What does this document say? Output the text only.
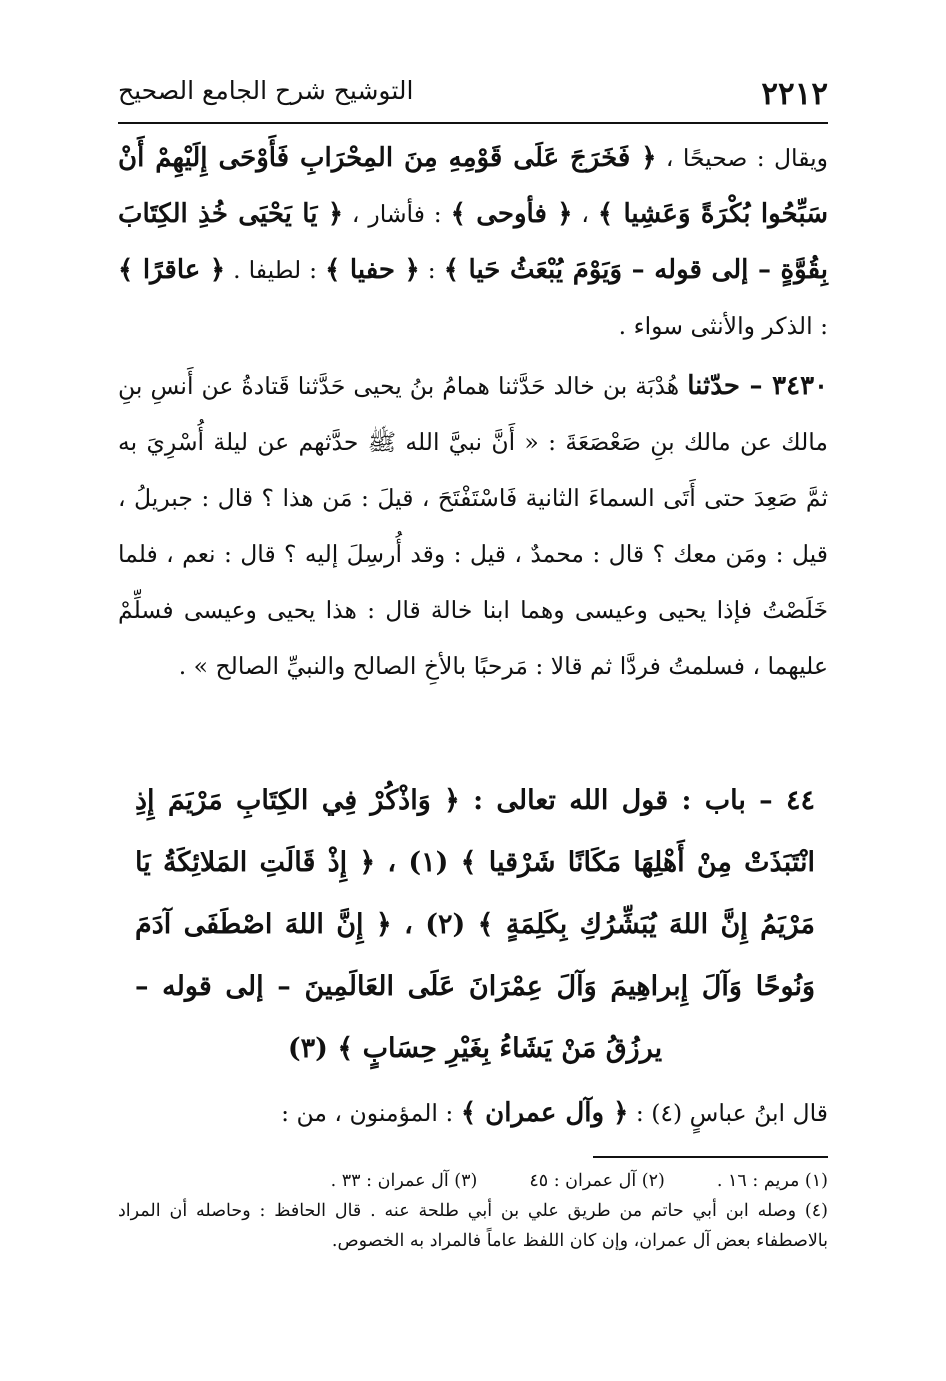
٢٢١٢
التوشيح شرح الجامع الصحيح

ويقال : صحيحًا ، ﴿ فَخَرَجَ عَلَى قَوْمِهِ مِنَ المِحْرَابِ فَأَوْحَى إِلَيْهِمْ أَنْ سَبِّحُوا بُكْرَةً وَعَشِيا ﴾ ، ﴿ فأوحى ﴾ : فأشار ، ﴿ يَا يَحْيَى خُذِ الكِتَابَ بِقُوَّةٍ – إلى قوله – وَيَوْمَ يُبْعَثُ حَيا ﴾ : ﴿ حفيا ﴾ : لطيفا . ﴿ عاقرًا ﴾ : الذكر والأنثى سواء .

٣٤٣٠ – حدّثنا هُدْبَة بن خالد حَدَّثنا همامُ بنُ يحيى حَدَّثنا قَتادةُ عن أَنسِ بنِ مالك عن مالك بنِ صَعْصَعَةَ : « أَنَّ نبيَّ الله ﷺ حدَّثهم عن ليلة أُسْرِيَ به ثمَّ صَعِدَ حتى أَتَى السماءَ الثانية فَاسْتَفْتَحَ ، قيلَ : مَن هذا ؟ قال : جبريلُ ، قيل : ومَن معك ؟ قال : محمدٌ ، قيل : وقد أُرسِلَ إليه ؟ قال : نعم ، فلما خَلَصْتُ فإذا يحيى وعيسى وهما ابنا خالة قال : هذا يحيى وعيسى فسلِّمْ عليهما ، فسلمتُ فردَّا ثم قالا : مَرحبًا بالأخِ الصالح والنبيِّ الصالح » .

٤٤ – باب : قول الله تعالى : ﴿ وَاذْكُرْ فِي الكِتَابِ مَرْيَمَ إِذِ انْتَبَذَتْ مِنْ أَهْلِهَا مَكَانًا شَرْقيا ﴾ (١) ، ﴿ إِذْ قَالَتِ المَلائِكَةُ يَا مَرْيَمُ إِنَّ اللهَ يُبَشِّرُكِ بِكَلِمَةٍ ﴾ (٢) ، ﴿ إِنَّ اللهَ اصْطَفَى آدَمَ وَنُوحًا وَآلَ إِبراهِيمَ وَآلَ عِمْرَانَ عَلَى العَالَمِينَ – إلى قوله – يرزُقُ مَنْ يَشَاءُ بِغَيْرِ حِسَابٍ ﴾ (٣)
قال ابنُ عباسٍ (٤) : ﴿ وآل عمران ﴾ : المؤمنون ، من :
(١) مريم : ١٦ .
(٢) آل عمران : ٤٥
(٣) آل عمران : ٣٣ .

(٤) وصله ابن أبي حاتم من طريق علي بن أبي طلحة عنه . قال الحافظ : وحاصله أن المراد بالاصطفاء بعض آل عمران، وإن كان اللفظ عاماً فالمراد به الخصوص.
